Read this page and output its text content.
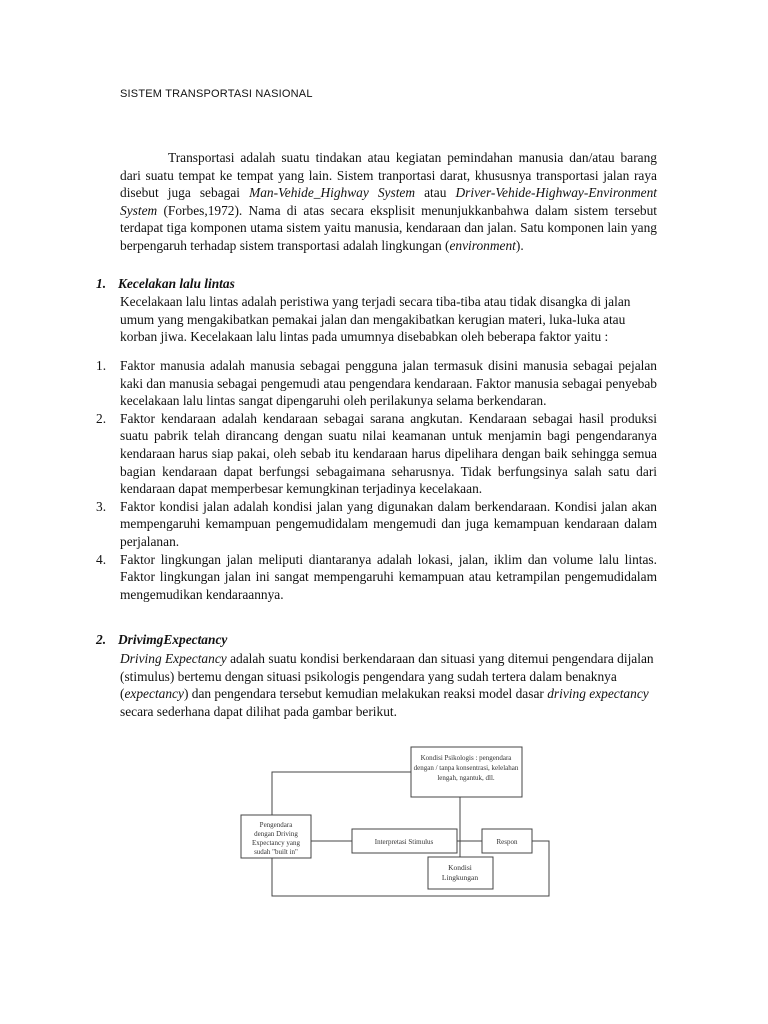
SISTEM TRANSPORTASI NASIONAL

Transportasi adalah suatu tindakan atau kegiatan pemindahan manusia dan/atau barang dari suatu tempat ke tempat yang lain. Sistem tranportasi darat, khususnya transportasi jalan raya disebut juga sebagai Man-Vehide_Highway System atau Driver-Vehide-Highway-Environment System (Forbes,1972). Nama di atas secara eksplisit menunjukkanbahwa dalam sistem tersebut terdapat tiga komponen utama sistem yaitu manusia, kendaraan dan jalan. Satu komponen lain yang berpengaruh terhadap sistem transportasi adalah lingkungan (environment).

1. Kecelakan lalu lintas

Kecelakaan lalu lintas adalah peristiwa yang terjadi secara tiba-tiba atau tidak disangka di jalan umum yang mengakibatkan pemakai jalan dan mengakibatkan kerugian materi, luka-luka atau korban jiwa. Kecelakaan lalu lintas pada umumnya disebabkan oleh beberapa faktor yaitu :

1. Faktor manusia adalah manusia sebagai pengguna jalan termasuk disini manusia sebagai pejalan kaki dan manusia sebagai pengemudi atau pengendara kendaraan. Faktor manusia sebagai penyebab kecelakaan lalu lintas sangat dipengaruhi oleh perilakunya selama berkendaran.
2. Faktor kendaraan adalah kendaraan sebagai sarana angkutan. Kendaraan sebagai hasil produksi suatu pabrik telah dirancang dengan suatu nilai keamanan untuk menjamin bagi pengendaranya kendaraan harus siap pakai, oleh sebab itu kendaraan harus dipelihara dengan baik sehingga semua bagian kendaraan dapat berfungsi sebagaimana seharusnya. Tidak berfungsinya salah satu dari kendaraan dapat memperbesar kemungkinan terjadinya kecelakaan.
3. Faktor kondisi jalan adalah kondisi jalan yang digunakan dalam berkendaraan. Kondisi jalan akan mempengaruhi kemampuan pengemudidalam mengemudi dan juga kemampuan kendaraan dalam perjalanan.
4. Faktor lingkungan jalan meliputi diantaranya adalah lokasi, jalan, iklim dan volume lalu lintas. Faktor lingkungan jalan ini sangat mempengaruhi kemampuan atau ketrampilan pengemudidalam mengemudikan kendaraannya.
2. DrivimgExpectancy

Driving Expectancy adalah suatu kondisi berkendaraan dan situasi yang ditemui pengendara dijalan (stimulus) bertemu dengan situasi psikologis pengendara yang sudah tertera dalam benaknya (expectancy) dan pengendara tersebut kemudian melakukan reaksi model dasar driving expectancy secara sederhana dapat dilihat pada gambar berikut.

Kondisi Psikologis : pengendara
dengan / tanpa konsentrasi, kelelahan
lengah, ngantuk, dll.
Pengendara
dengan Driving
Expectancy yang
sudah "built in"
Interpretasi Stimulus	Respon
Kondisi
Lingkungan
